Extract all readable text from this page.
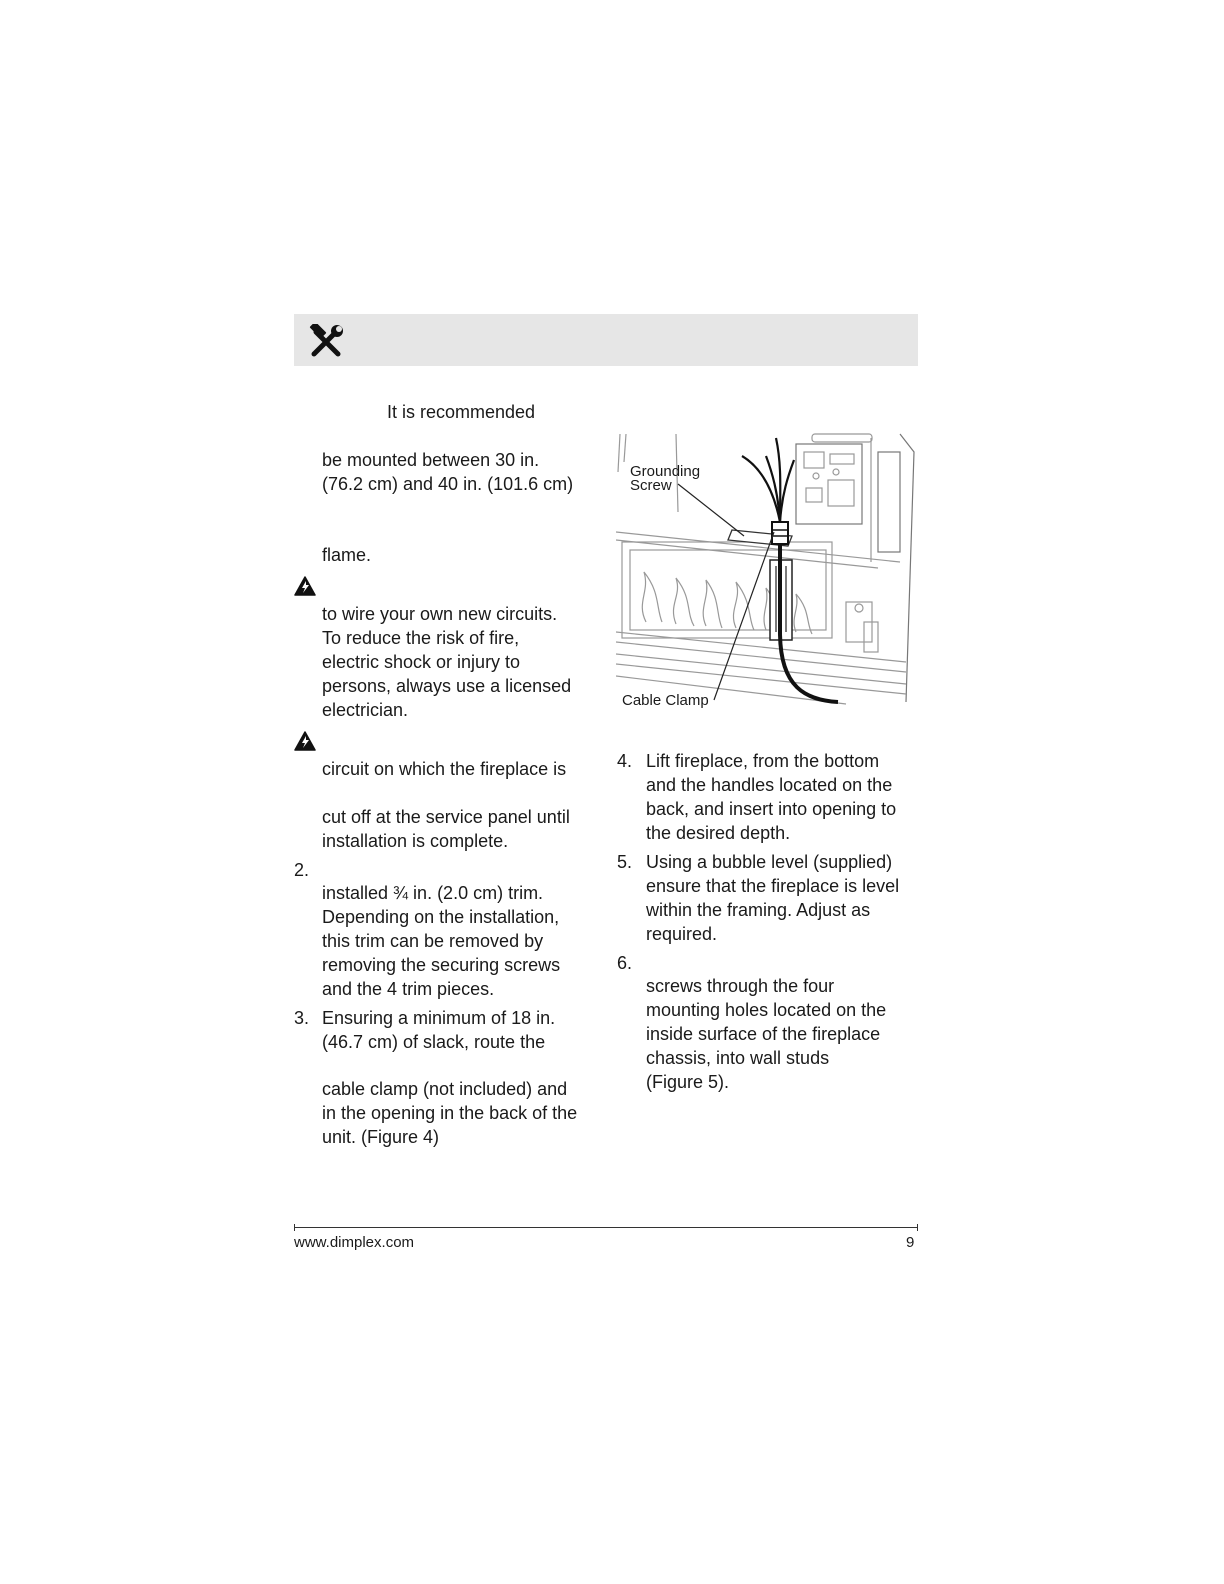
It is recommended
be mounted between 30 in.
(76.2 cm) and 40 in. (101.6 cm)
flame.
to wire your own new circuits.
To reduce the risk of fire,
electric shock or injury to
persons, always use a licensed
electrician.
circuit on which the fireplace is
cut off at the service panel until
installation is complete.
2.
installed ¾ in. (2.0 cm) trim.
Depending on the installation,
this trim can be removed by
removing the securing screws
and the 4 trim pieces.
3. Ensuring a minimum of 18 in.
(46.7 cm) of slack, route the
cable clamp (not included) and
in the opening in the back of the
unit. (Figure 4)
Grounding
Screw
Cable Clamp
4. Lift fireplace, from the bottom
and the handles located on the
back, and insert into opening to
the desired depth.
5. Using a bubble level (supplied)
ensure that the fireplace is level
within the framing. Adjust as
required.
6.
screws through the four
mounting holes located on the
inside surface of the fireplace
chassis, into wall studs
(Figure 5).
www.dimplex.com	9
